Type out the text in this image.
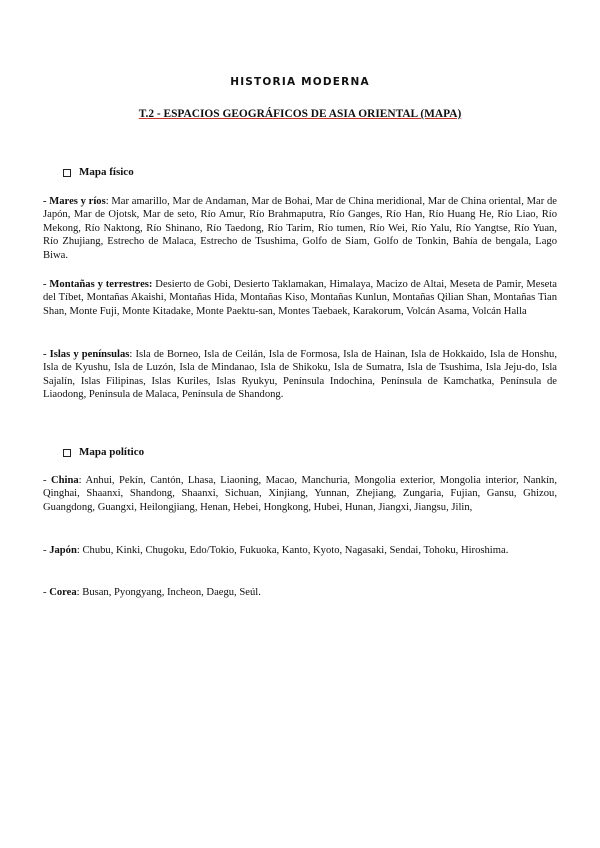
HISTORIA MODERNA
T.2 - ESPACIOS GEOGRÁFICOS DE ASIA ORIENTAL (MAPA)
Mapa físico
- Mares y ríos: Mar amarillo, Mar de Andaman, Mar de Bohai, Mar de China meridional, Mar de China oriental, Mar de Japón, Mar de Ojotsk, Mar de seto, Río Amur, Río Brahmaputra, Río Ganges, Río Han, Río Huang He, Río Liao, Río Mekong, Río Naktong, Río Shinano, Río Taedong, Río Tarim, Río tumen, Río Wei, Río Yalu, Río Yangtse, Río Yuan, Río Zhujiang, Estrecho de Malaca, Estrecho de Tsushima, Golfo de Siam, Golfo de Tonkin, Bahía de bengala, Lago Biwa.
- Montañas y terrestres: Desierto de Gobi, Desierto Taklamakan, Himalaya, Macizo de Altai, Meseta de Pamir, Meseta del Tíbet, Montañas Akaishi, Montañas Hida, Montañas Kiso, Montañas Kunlun, Montañas Qilian Shan, Montañas Tian Shan, Monte Fuji, Monte Kitadake, Monte Paektu-san, Montes Taebaek, Karakorum, Volcán Asama, Volcán Halla
- Islas y penínsulas: Isla de Borneo, Isla de Ceilán, Isla de Formosa, Isla de Hainan, Isla de Hokkaido, Isla de Honshu, Isla de Kyushu, Isla de Luzón, Isla de Mindanao, Isla de Shikoku, Isla de Sumatra, Isla de Tsushima, Isla Jeju-do, Isla Sajalín, Islas Filipinas, Islas Kuriles, Islas Ryukyu, Península Indochina, Península de Kamchatka, Península de Liaodong, Península de Malaca, Península de Shandong.
Mapa político
- China: Anhui, Pekín, Cantón, Lhasa, Liaoning, Macao, Manchuria, Mongolia exterior, Mongolia interior, Nankín, Qinghai, Shaanxi, Shandong, Shaanxi, Sichuan, Xinjiang, Yunnan, Zhejiang, Zungaria, Fujian, Gansu, Ghizou, Guangdong, Guangxi, Heilongjiang, Henan, Hebei, Hongkong, Hubei, Hunan, Jiangxi, Jiangsu, Jilin,
- Japón: Chubu, Kinki, Chugoku, Edo/Tokio, Fukuoka, Kanto, Kyoto, Nagasaki, Sendai, Tohoku, Hiroshima.
- Corea: Busan, Pyongyang, Incheon, Daegu, Seúl.
